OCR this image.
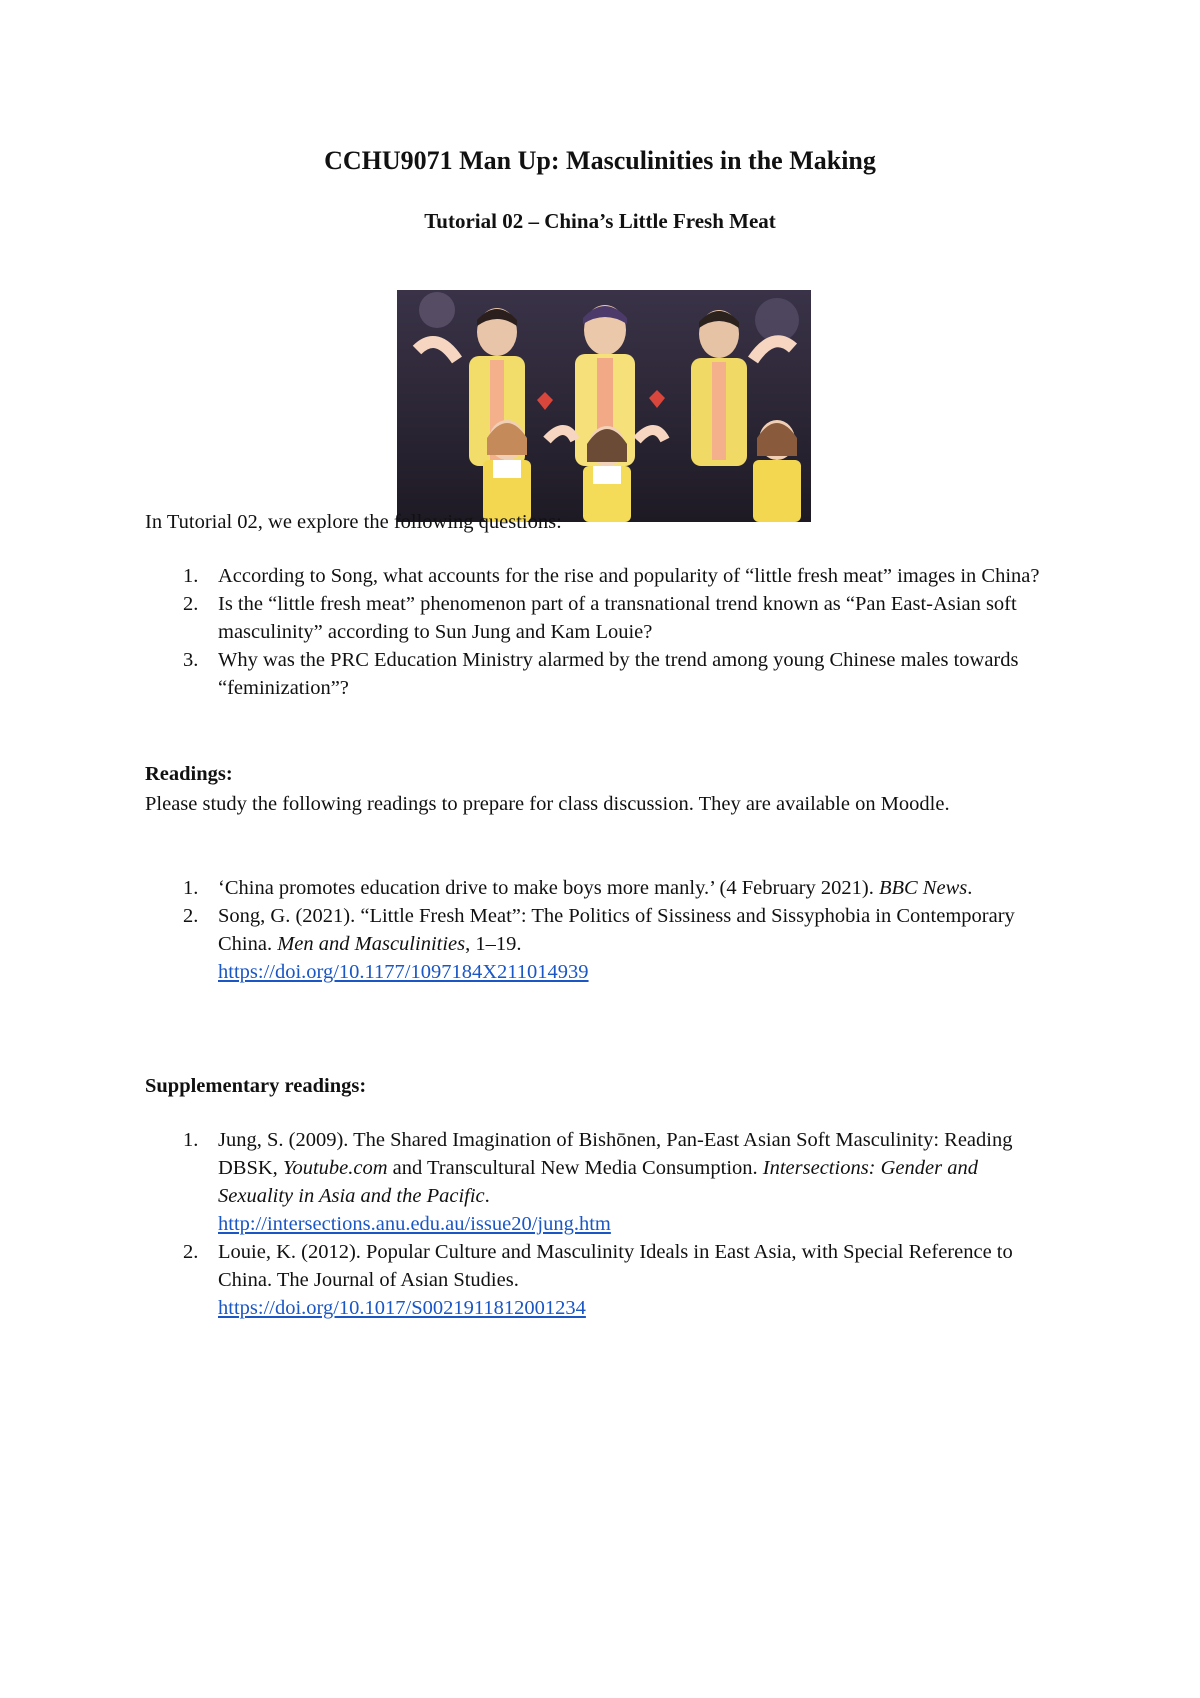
CCHU9071 Man Up: Masculinities in the Making
Tutorial 02 – China’s Little Fresh Meat
In Tutorial 02, we explore the following questions:
1. According to Song, what accounts for the rise and popularity of “little fresh meat” images in China?
2. Is the “little fresh meat” phenomenon part of a transnational trend known as “Pan East-Asian soft masculinity” according to Sun Jung and Kam Louie?
3. Why was the PRC Education Ministry alarmed by the trend among young Chinese males towards “feminization”?
Readings:
Please study the following readings to prepare for class discussion. They are available on Moodle.
1. ‘China promotes education drive to make boys more manly.’ (4 February 2021). BBC News.
2. Song, G. (2021). “Little Fresh Meat”: The Politics of Sissiness and Sissyphobia in Contemporary China. Men and Masculinities, 1–19.
https://doi.org/10.1177/1097184X211014939
Supplementary readings:
1. Jung, S. (2009). The Shared Imagination of Bishōnen, Pan-East Asian Soft Masculinity: Reading DBSK, Youtube.com and Transcultural New Media Consumption. Intersections: Gender and Sexuality in Asia and the Pacific.
http://intersections.anu.edu.au/issue20/jung.htm
2. Louie, K. (2012). Popular Culture and Masculinity Ideals in East Asia, with Special Reference to China. The Journal of Asian Studies.
https://doi.org/10.1017/S0021911812001234
